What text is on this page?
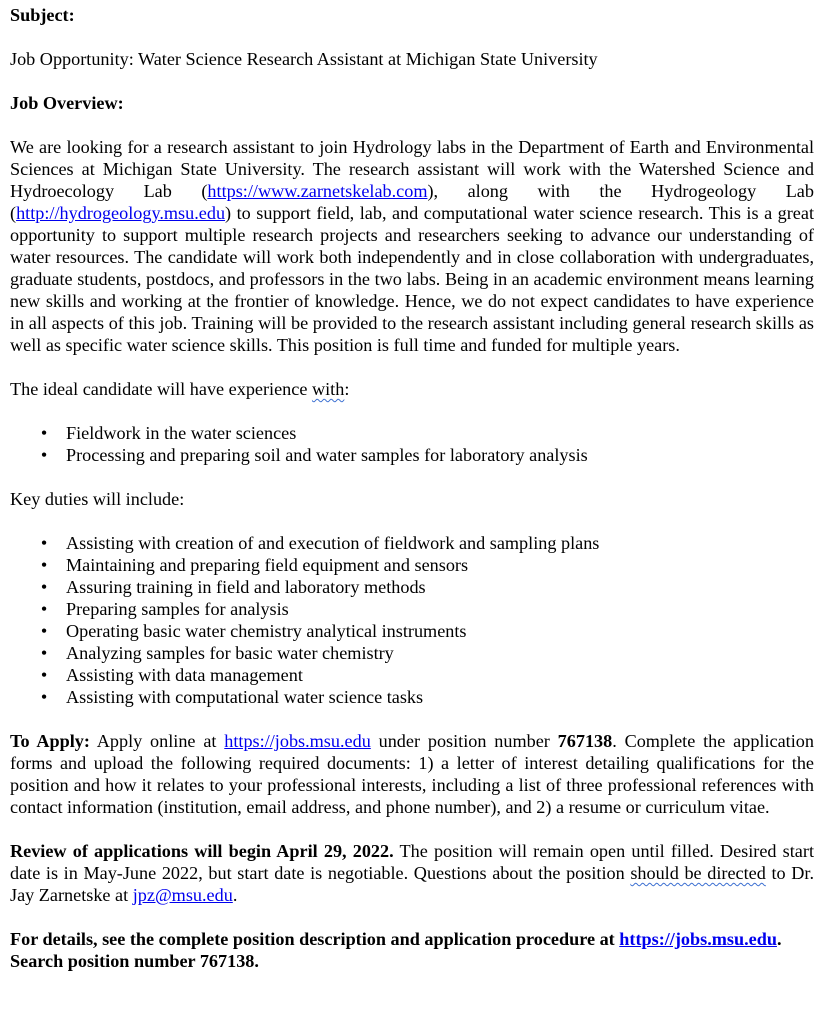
Subject:

Job Opportunity: Water Science Research Assistant at Michigan State University

Job Overview:

We are looking for a research assistant to join Hydrology labs in the Department of Earth and Environmental Sciences at Michigan State University. The research assistant will work with the Watershed Science and Hydroecology Lab (https://www.zarnetskelab.com), along with the Hydrogeology Lab (http://hydrogeology.msu.edu) to support field, lab, and computational water science research. This is a great opportunity to support multiple research projects and researchers seeking to advance our understanding of water resources. The candidate will work both independently and in close collaboration with undergraduates, graduate students, postdocs, and professors in the two labs. Being in an academic environment means learning new skills and working at the frontier of knowledge. Hence, we do not expect candidates to have experience in all aspects of this job. Training will be provided to the research assistant including general research skills as well as specific water science skills. This position is full time and funded for multiple years.

The ideal candidate will have experience with:

• Fieldwork in the water sciences
• Processing and preparing soil and water samples for laboratory analysis

Key duties will include:

• Assisting with creation of and execution of fieldwork and sampling plans
• Maintaining and preparing field equipment and sensors
• Assuring training in field and laboratory methods
• Preparing samples for analysis
• Operating basic water chemistry analytical instruments
• Analyzing samples for basic water chemistry
• Assisting with data management
• Assisting with computational water science tasks

To Apply: Apply online at https://jobs.msu.edu under position number 767138. Complete the application forms and upload the following required documents: 1) a letter of interest detailing qualifications for the position and how it relates to your professional interests, including a list of three professional references with contact information (institution, email address, and phone number), and 2) a resume or curriculum vitae.

Review of applications will begin April 29, 2022. The position will remain open until filled. Desired start date is in May-June 2022, but start date is negotiable. Questions about the position should be directed to Dr. Jay Zarnetske at jpz@msu.edu.

For details, see the complete position description and application procedure at https://jobs.msu.edu. Search position number 767138.
